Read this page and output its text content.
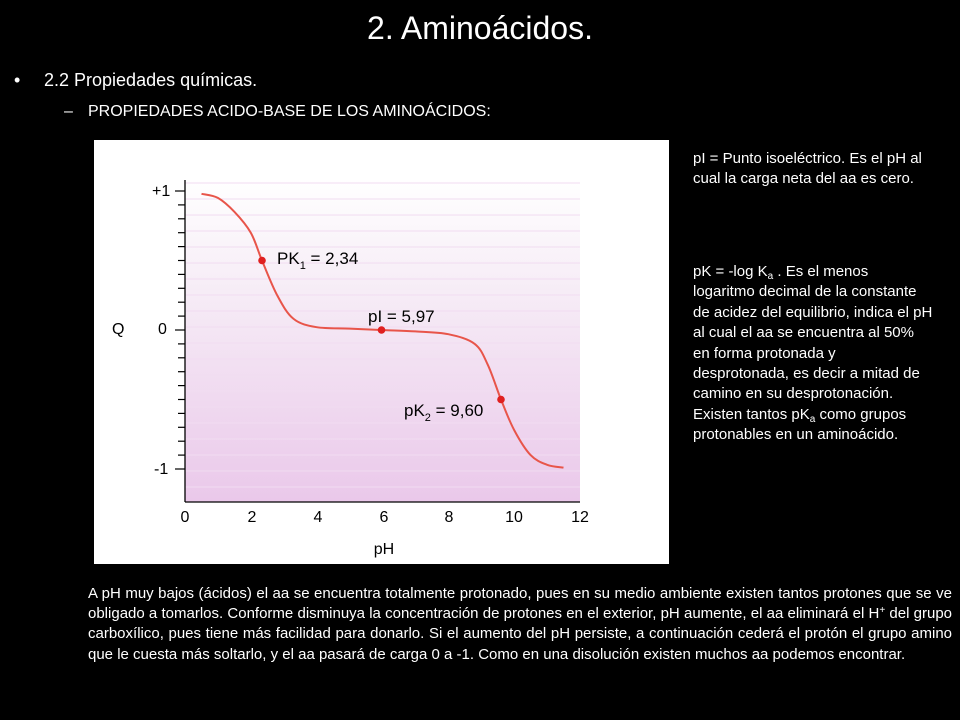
2. Aminoácidos.
• 2.2 Propiedades químicas.
– PROPIEDADES ACIDO-BASE DE LOS AMINOÁCIDOS:
+1
0
-1
Q
0	2	4	6	8	10	12
pH
$PK_1 = 2,34$
pI = 5,97
$pK_2 = 9,60$
pI = Punto isoeléctrico. Es el pH al cual la carga neta del aa es cero.
pK = -log $K_a$ . Es el menos logaritmo decimal de la constante de acidez del equilibrio, indica el pH al cual el aa se encuentra al 50% en forma protonada y desprotonada, es decir a mitad de camino en su desprotonación. Existen tantos $pK_a$ como grupos protonables en un aminoácido.
A pH muy bajos (ácidos) el aa se encuentra totalmente protonado, pues en su medio ambiente existen tantos protones que se ve obligado a tomarlos. Conforme disminuya la concentración de protones en el exterior, pH aumente, el aa eliminará el H+ del grupo carboxílico, pues tiene más facilidad para donarlo. Si el aumento del pH persiste, a continuación cederá el protón el grupo amino que le cuesta más soltarlo, y el aa pasará de carga 0 a -1. Como en una disolución existen muchos aa podemos encontrar.
